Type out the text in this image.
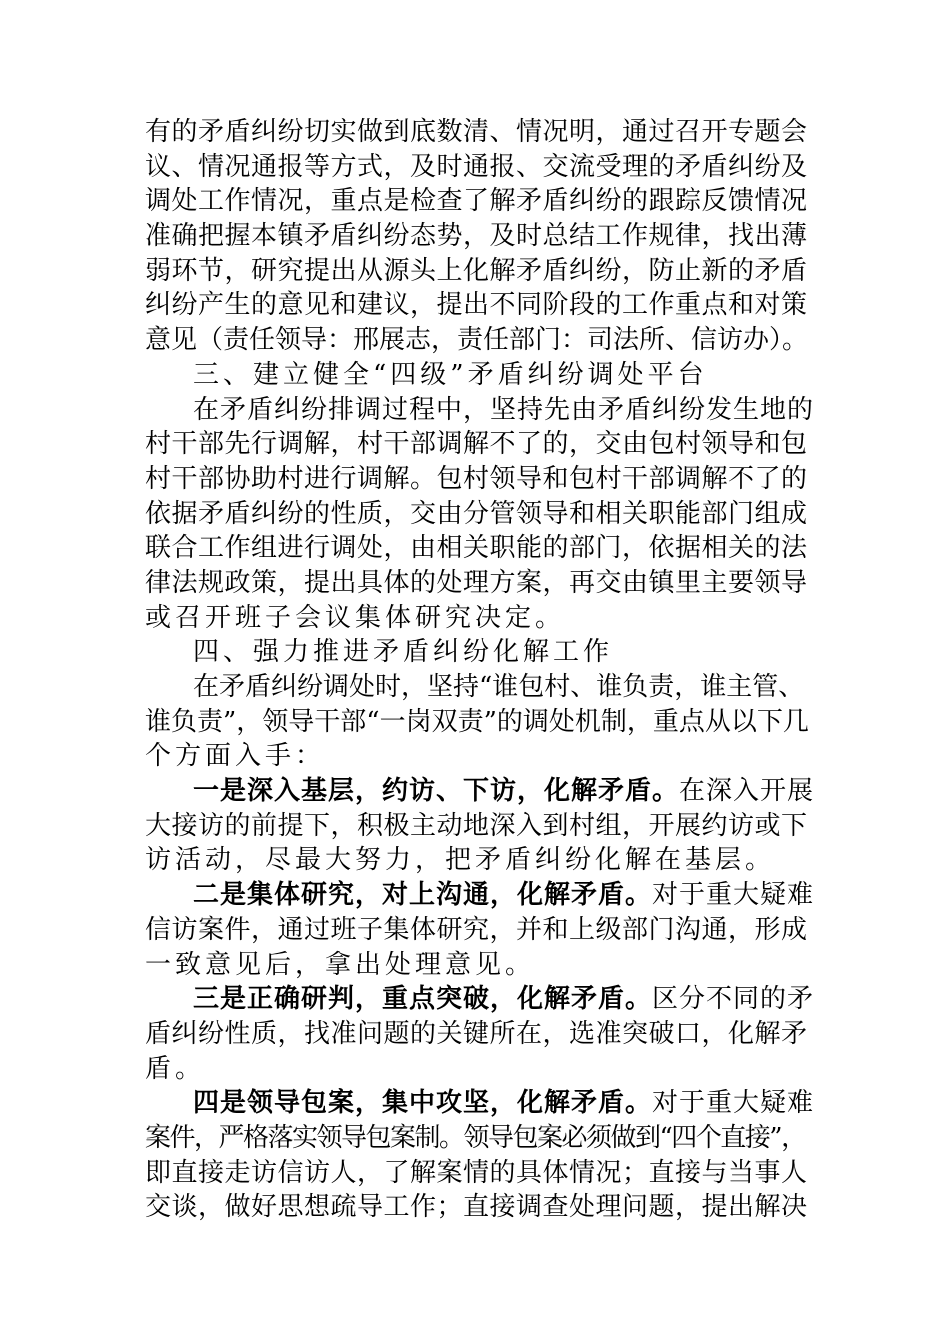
有的矛盾纠纷切实做到底数清、情况明，通过召开专题会
议、情况通报等方式，及时通报、交流受理的矛盾纠纷及
调处工作情况，重点是检查了解矛盾纠纷的跟踪反馈情况
准确把握本镇矛盾纠纷态势，及时总结工作规律，找出薄
弱环节，研究提出从源头上化解矛盾纠纷，防止新的矛盾
纠纷产生的意见和建议，提出不同阶段的工作重点和对策
意见（责任领导：邢展志，责任部门：司法所、信访办）。
三、建立健全“四级”矛盾纠纷调处平台
在矛盾纠纷排调过程中，坚持先由矛盾纠纷发生地的
村干部先行调解，村干部调解不了的，交由包村领导和包
村干部协助村进行调解。包村领导和包村干部调解不了的
依据矛盾纠纷的性质，交由分管领导和相关职能部门组成
联合工作组进行调处，由相关职能的部门，依据相关的法
律法规政策，提出具体的处理方案，再交由镇里主要领导
或召开班子会议集体研究决定。
四、强力推进矛盾纠纷化解工作
在矛盾纠纷调处时，坚持“谁包村、谁负责，谁主管、
谁负责”，领导干部“一岗双责”的调处机制，重点从以下几
个方面入手：
一是深入基层，约访、下访，化解矛盾。在深入开展
大接访的前提下，积极主动地深入到村组，开展约访或下
访活动，尽最大努力，把矛盾纠纷化解在基层。
二是集体研究，对上沟通，化解矛盾。对于重大疑难
信访案件，通过班子集体研究，并和上级部门沟通，形成
一致意见后，拿出处理意见。
三是正确研判，重点突破，化解矛盾。区分不同的矛
盾纠纷性质，找准问题的关键所在，选准突破口，化解矛
盾。
四是领导包案，集中攻坚，化解矛盾。对于重大疑难
案件，严格落实领导包案制。领导包案必须做到“四个直接”，
即直接走访信访人，了解案情的具体情况；直接与当事人
交谈，做好思想疏导工作；直接调查处理问题，提出解决
